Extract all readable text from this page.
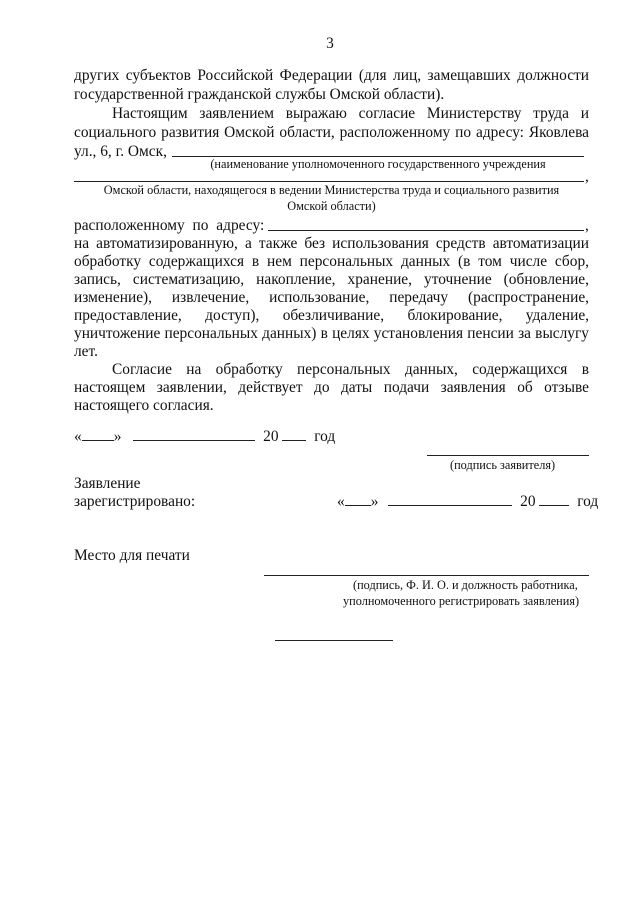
3
других субъектов Российской Федерации (для лиц, замещавших должности
государственной гражданской службы Омской области).
Настоящим заявлением выражаю согласие Министерству труда и
социального развития Омской области, расположенному по адресу: Яковлева
ул., 6, г. Омск,
(наименование уполномоченного государственного учреждения
,
Омской области, находящегося в ведении Министерства труда и социального развития
Омской области)
расположенному по адресу:	,
на автоматизированную, а также без использования средств автоматизации
обработку содержащихся в нем персональных данных (в том числе сбор,
запись, систематизацию, накопление, хранение, уточнение (обновление,
изменение), извлечение, использование, передачу (распространение,
предоставление, доступ), обезличивание, блокирование, удаление,
уничтожение персональных данных) в целях установления пенсии за выслугу
лет.
Согласие на обработку персональных данных, содержащихся в
настоящем заявлении, действует до даты подачи заявления об отзыве
настоящего согласия.
« »	20 год
(подпись заявителя)
Заявление
зарегистрировано:	« »	20	год
Место для печати
(подпись, Ф. И. О. и должность работника,
уполномоченного регистрировать заявления)
